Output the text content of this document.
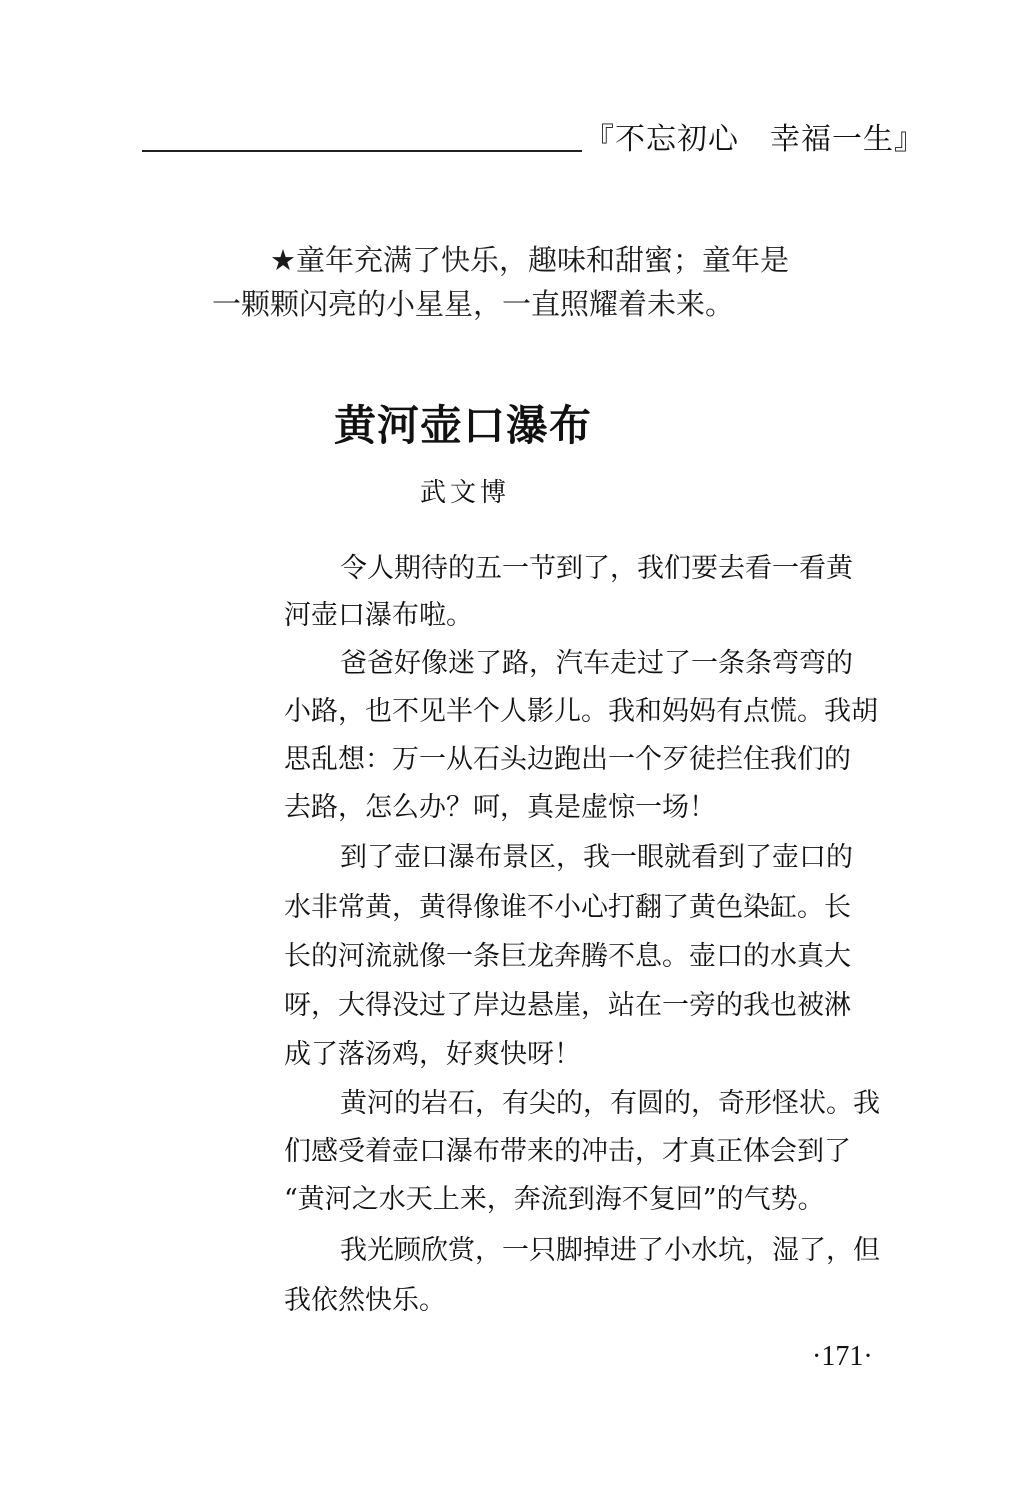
『不忘初心　幸福一生』
★童年充满了快乐，趣味和甜蜜；童年是
一颗颗闪亮的小星星，一直照耀着未来。
黄河壶口瀑布
武文博
令人期待的五一节到了，我们要去看一看黄
河壶口瀑布啦。
爸爸好像迷了路，汽车走过了一条条弯弯的
小路，也不见半个人影儿。我和妈妈有点慌。我胡
思乱想：万一从石头边跑出一个歹徒拦住我们的
去路，怎么办？呵，真是虚惊一场！
到了壶口瀑布景区，我一眼就看到了壶口的
水非常黄，黄得像谁不小心打翻了黄色染缸。长
长的河流就像一条巨龙奔腾不息。壶口的水真大
呀，大得没过了岸边悬崖，站在一旁的我也被淋
成了落汤鸡，好爽快呀！
黄河的岩石，有尖的，有圆的，奇形怪状。我
们感受着壶口瀑布带来的冲击，才真正体会到了
“黄河之水天上来，奔流到海不复回”的气势。
我光顾欣赏，一只脚掉进了小水坑，湿了，但
我依然快乐。
·171·
